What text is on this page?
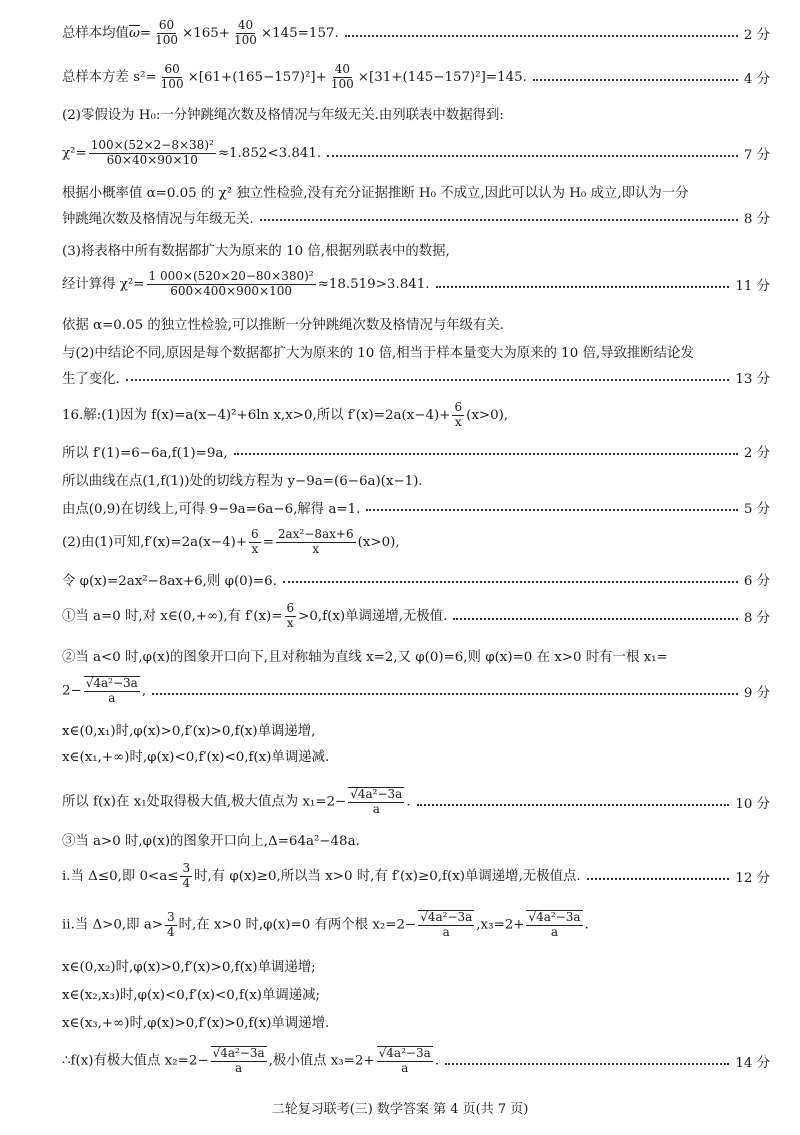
总样本均值$\overline{\omega}= \frac{60}{100} \times 165+ \frac{40}{100} \times 145=157$.	2 分
总样本方差 $s^2= \frac{60}{100} \times[61+(165-157)^2]+ \frac{40}{100} \times[31+(145-157)^2]=145$.	4 分
(2)零假设为 H₀:一分钟跳绳次数及格情况与年级无关.由列联表中数据得到:
$\chi^2= \frac{\text{100×(52×2−8×38)²}}{60\times 40\times 90\times 10} \approx 1.852<3.841$.	7 分
根据小概率值 α=0.05 的 χ² 独立性检验,没有充分证据推断 H₀ 不成立,因此可以认为 H₀ 成立,即认为一分
钟跳绳次数及格情况与年级无关.	8 分
(3)将表格中所有数据都扩大为原来的 10 倍,根据列联表中的数据,
经计算得 $\chi^2= \frac{\text{1 000×(520×20−80×380)²}}{600\times 400\times 900\times 100} \approx 18.519>3.841$.	11 分
依据 α=0.05 的独立性检验,可以推断一分钟跳绳次数及格情况与年级有关.
与(2)中结论不同,原因是每个数据都扩大为原来的 10 倍,相当于样本量变大为原来的 10 倍,导致推断结论发
生了变化.	13 分
16.解:(1)因为 f(x)=a(x−4)²+6ln x,x>0,所以 $f'(x)=2a(x-4)+ \frac{6}{x} (x>0)$,
所以 f′(1)=6−6a,f(1)=9a,	2 分
所以曲线在点(1,f(1))处的切线方程为 y−9a=(6−6a)(x−1).
由点(0,9)在切线上,可得 9−9a=6a−6,解得 a=1.	5 分
(2)由(1)可知$,f'(x)=2a(x-4)+ \frac{6}{x} = \frac{\text{2ax²−8ax+6}}{x} (x>0)$,
令 φ(x)=2ax²−8ax+6,则 φ(0)=6.	6 分
①当 a=0 时,对 x∈(0,+∞),有 $f'(x)= \frac{6}{x} >0,f(x)$单调递增,无极值.	8 分
②当 a<0 时,φ(x)的图象开口向下,且对称轴为直线 x=2,又 φ(0)=6,则 φ(x)=0 在 x>0 时有一根 x₁=
$2- \frac{\text{√4a²−3a}}{a}$ ,	9 分
x∈(0,x₁)时,φ(x)>0,f′(x)>0,f(x)单调递增,
x∈(x₁,+∞)时,φ(x)<0,f′(x)<0,f(x)单调递减.
所以 f(x)在 x₁处取得极大值,极大值点为 $x_1=2- \frac{\text{√4a²−3a}}{a}$ .	10 分
③当 a>0 时,φ(x)的图象开口向上,Δ=64a²−48a.
ⅰ.当 Δ≤0,即 $0<a\le \frac{3}{4}$ 时,有 φ(x)≥0,所以当 x>0 时,有 f′(x)≥0,f(x)单调递增,无极值点.	12 分
ⅱ.当 Δ>0,即 $a> \frac{3}{4}$ 时,在 x>0 时,φ(x)=0 有两个根 $x_2=2- \frac{\text{√4a²−3a}}{a} ,x_3=2+ \frac{\text{√4a²−3a}}{a}$ .
x∈(0,x₂)时,φ(x)>0,f′(x)>0,f(x)单调递增;
x∈(x₂,x₃)时,φ(x)<0,f′(x)<0,f(x)单调递减;
x∈(x₃,+∞)时,φ(x)>0,f′(x)>0,f(x)单调递增.
∴f(x)有极大值点 $x_2=2- \frac{\text{√4a²−3a}}{a}$ ,极小值点 $x_3=2+ \frac{\text{√4a²−3a}}{a}$ .	14 分
二轮复习联考(三) 数学答案 第 4 页(共 7 页)
